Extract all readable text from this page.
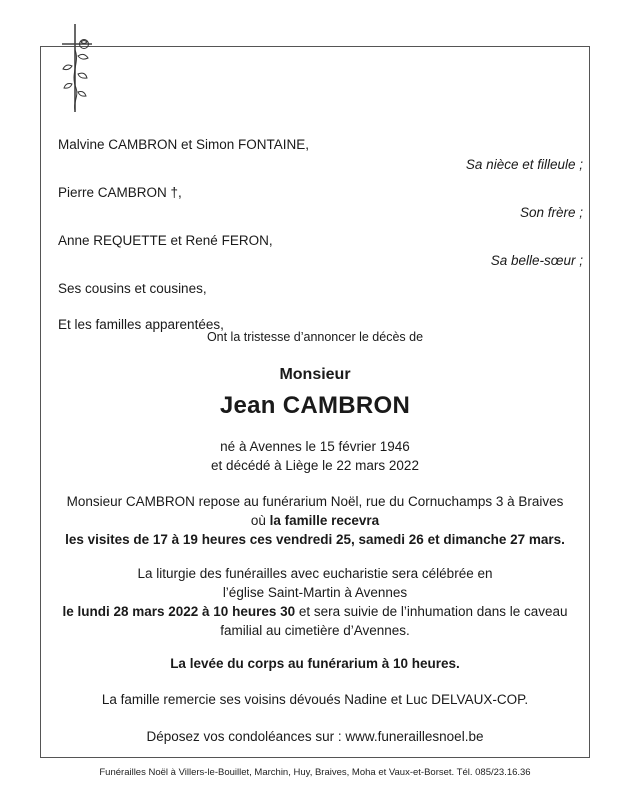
Malvine CAMBRON et Simon FONTAINE,
Sa nièce et filleule ;
Pierre CAMBRON †,
Son frère ;
Anne REQUETTE et René FERON,
Sa belle-sœur ;
Ses cousins et cousines,
Et les familles apparentées,
Ont la tristesse d’annoncer le décès de
Monsieur
Jean CAMBRON
né à Avennes le 15 février 1946
et décédé à Liège le 22 mars 2022
Monsieur CAMBRON repose au funérarium Noël, rue du Cornuchamps 3 à Braives
où la famille recevra
les visites de 17 à 19 heures ces vendredi 25, samedi 26 et dimanche 27 mars.
La liturgie des funérailles avec eucharistie sera célébrée en
l’église Saint-Martin à Avennes
le lundi 28 mars 2022 à 10 heures 30 et sera suivie de l’inhumation dans le caveau
familial au cimetière d’Avennes.
La levée du corps au funérarium à 10 heures.
La famille remercie ses voisins dévoués Nadine et Luc DELVAUX-COP.
Déposez vos condoléances sur : www.funeraillesnoel.be
Funérailles Noël à Villers-le-Bouillet, Marchin, Huy, Braives, Moha et Vaux-et-Borset. Tél. 085/23.16.36
